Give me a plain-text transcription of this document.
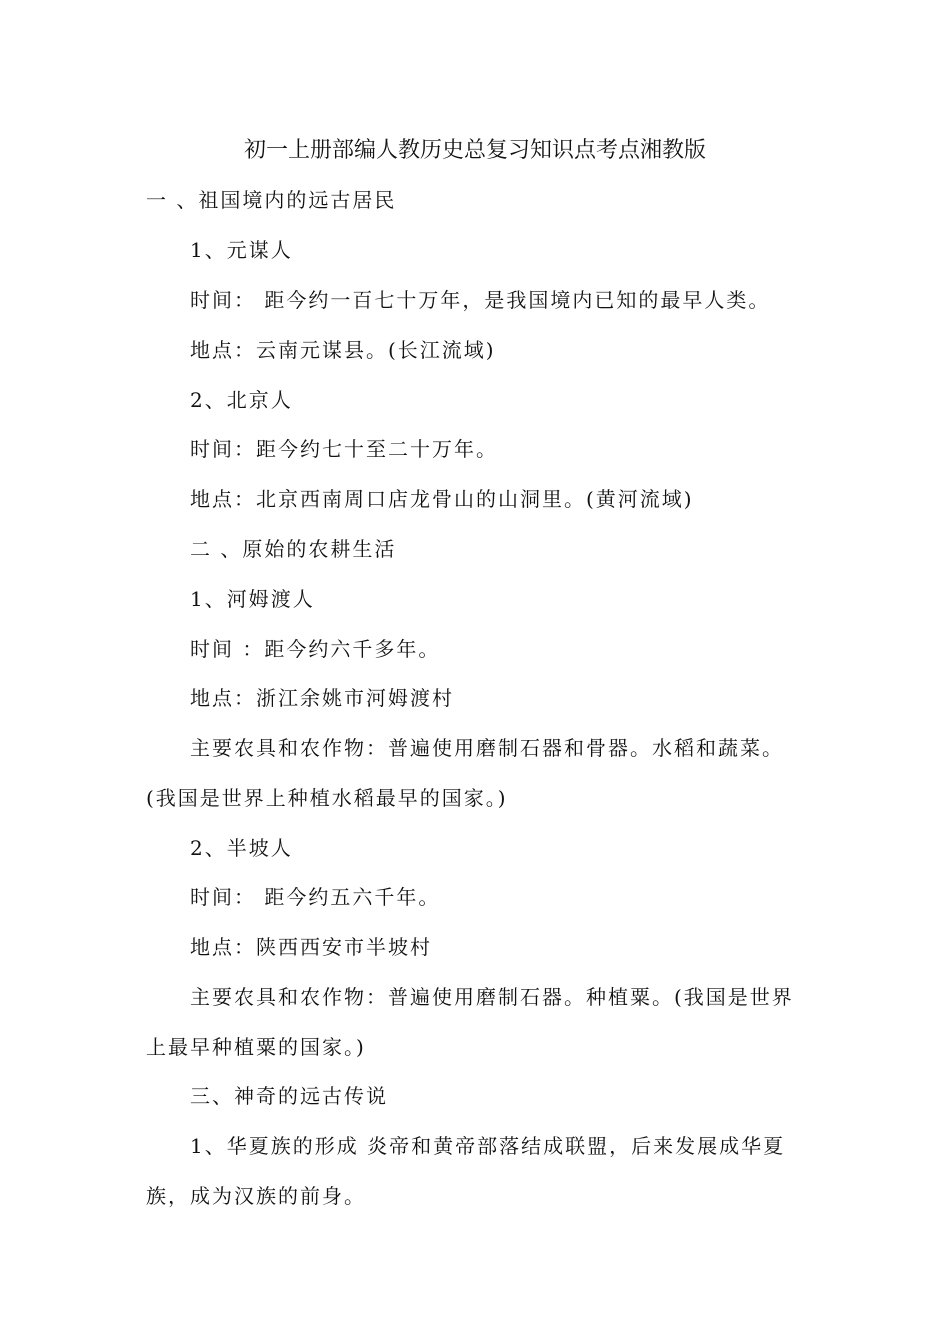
初一上册部编人教历史总复习知识点考点湘教版
一 、祖国境内的远古居民
1、元谋人
时间： 距今约一百七十万年，是我国境内已知的最早人类。
地点：云南元谋县。(长江流域)
2、北京人
时间：距今约七十至二十万年。
地点：北京西南周口店龙骨山的山洞里。(黄河流域)
二 、原始的农耕生活
1、河姆渡人
时间 ：距今约六千多年。
地点：浙江余姚市河姆渡村
主要农具和农作物：普遍使用磨制石器和骨器。水稻和蔬菜。
(我国是世界上种植水稻最早的国家。)
2、半坡人
时间： 距今约五六千年。
地点：陕西西安市半坡村
主要农具和农作物：普遍使用磨制石器。种植粟。(我国是世界
上最早种植粟的国家。)
三、神奇的远古传说
1、华夏族的形成 炎帝和黄帝部落结成联盟，后来发展成华夏
族，成为汉族的前身。
